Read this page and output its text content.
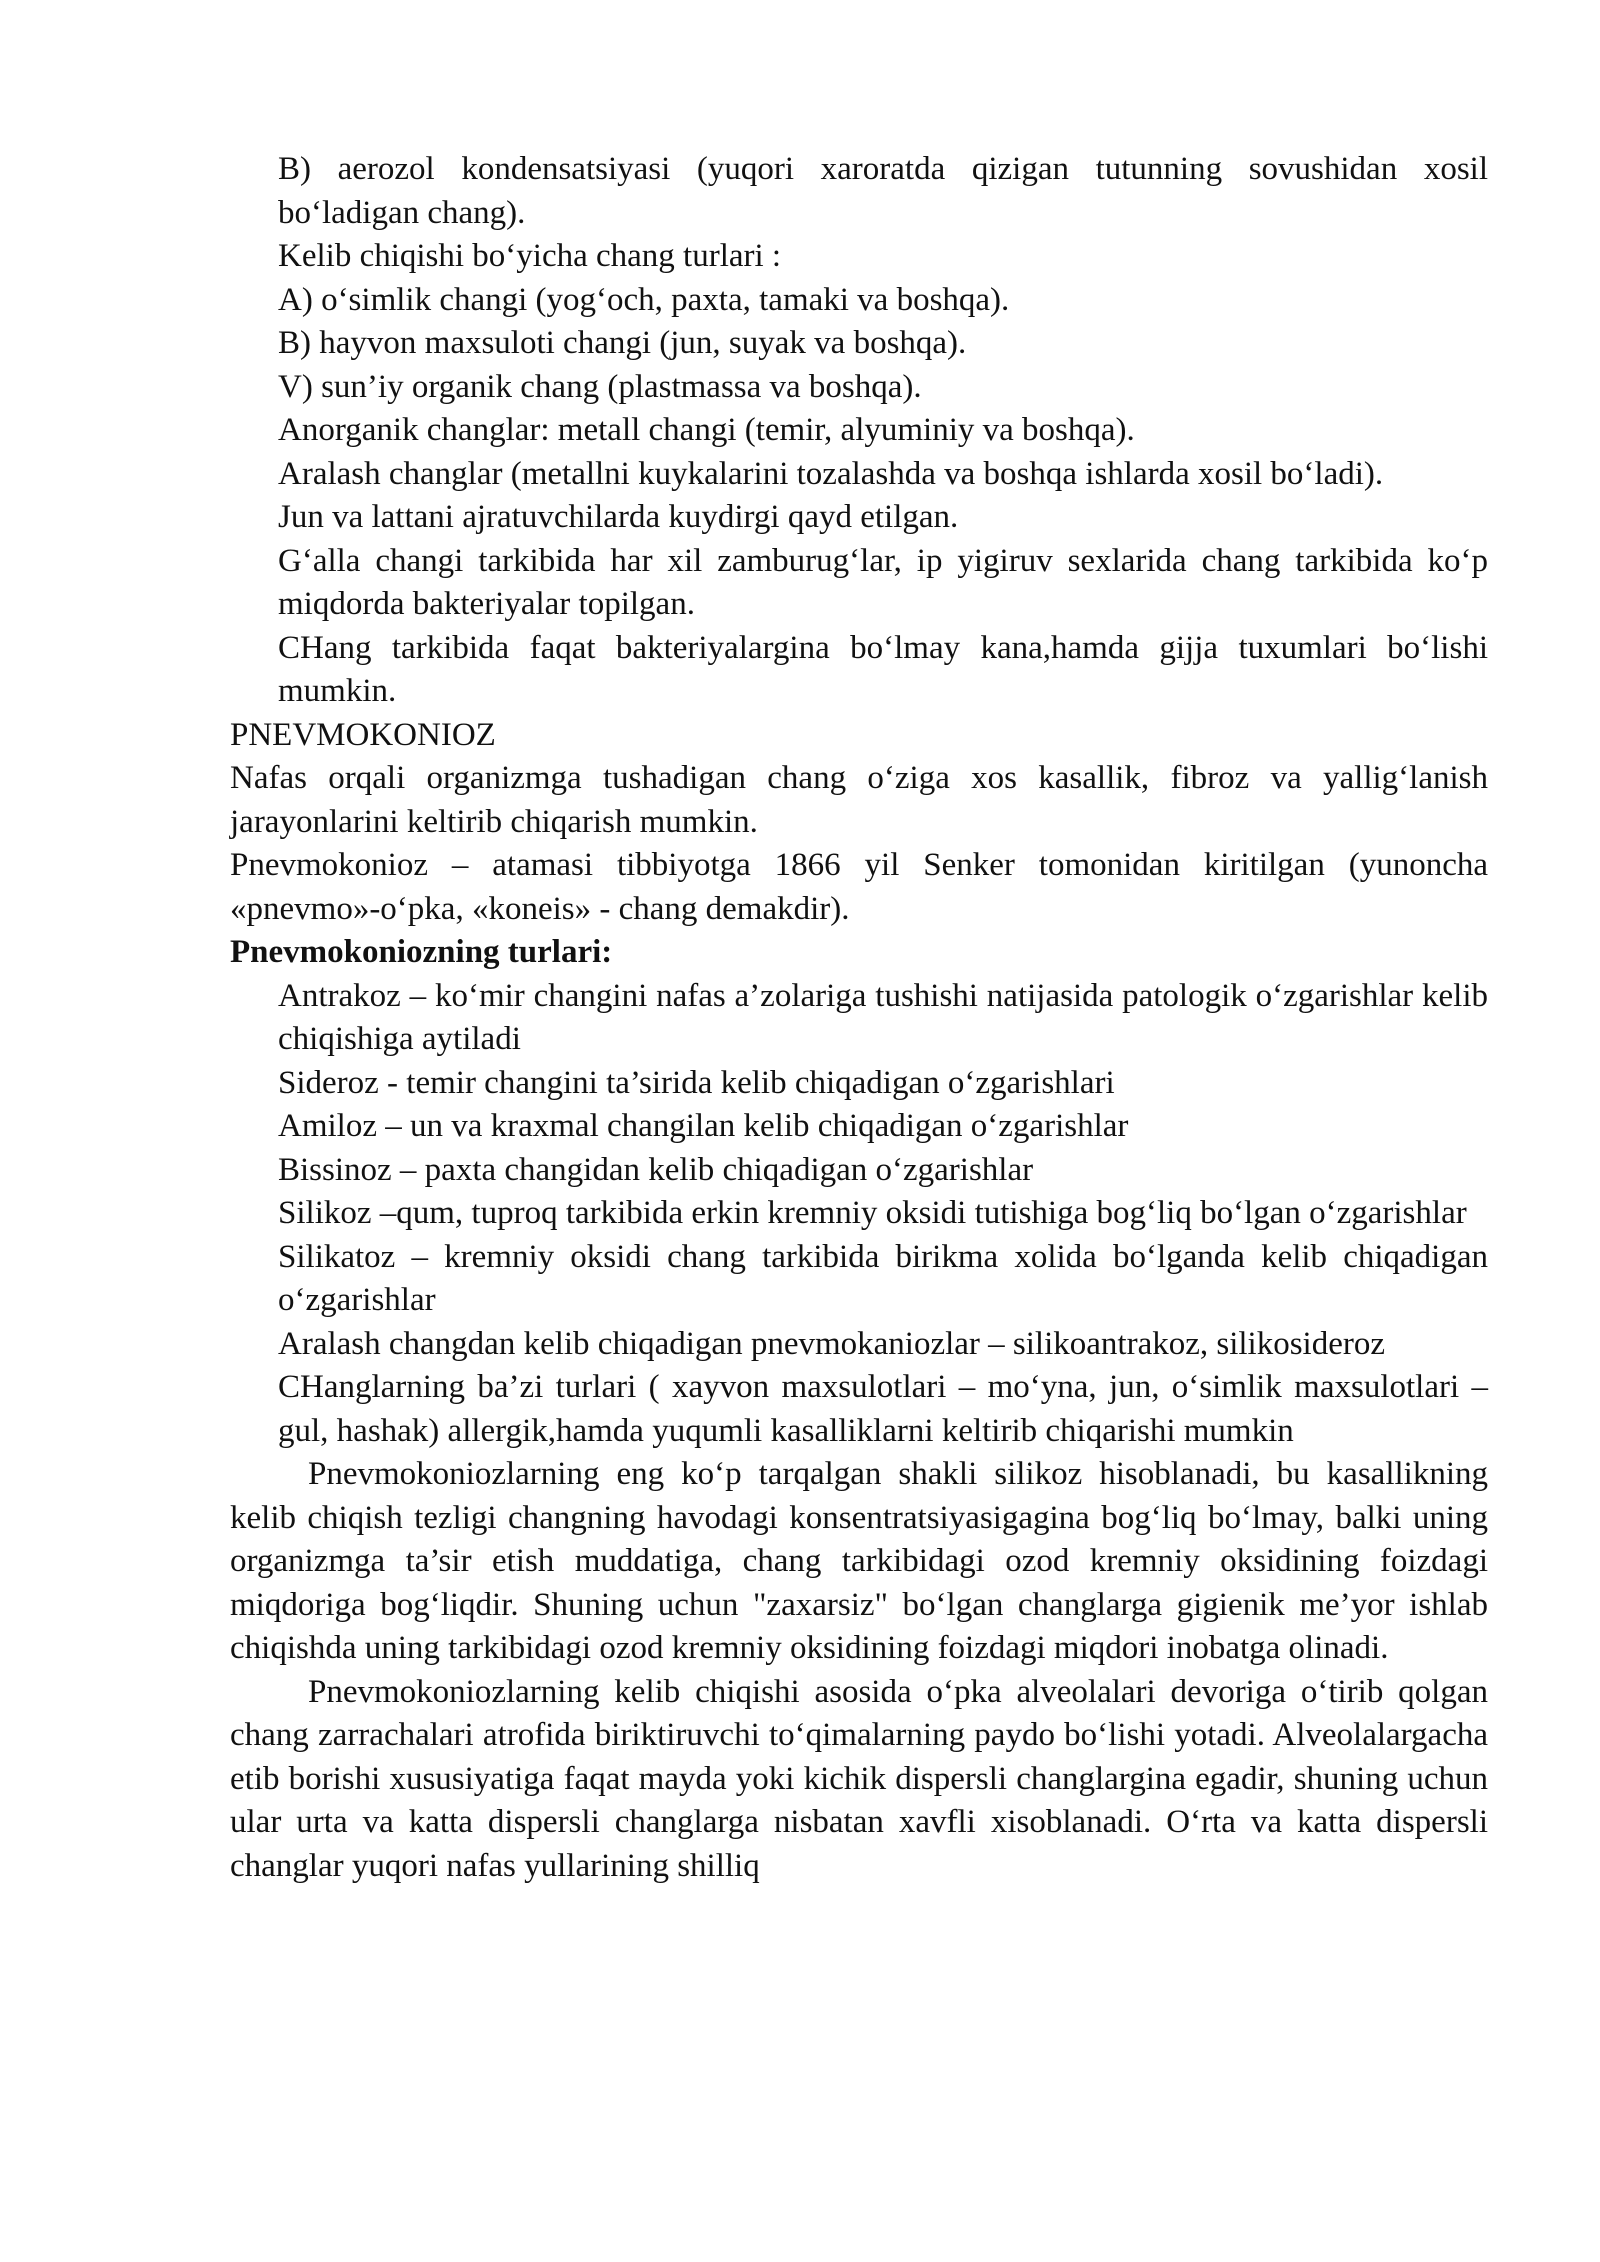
B) aerozol kondensatsiyasi (yuqori xaroratda qizigan tutunning sovushidan xosil bo‘ladigan chang).

Kelib chiqishi bo‘yicha chang turlari :

A) o‘simlik changi (yog‘och, paxta, tamaki va boshqa).

B) hayvon maxsuloti changi (jun, suyak va boshqa).

V) sun’iy organik chang (plastmassa va boshqa).

Anorganik changlar: metall changi (temir, alyuminiy va boshqa).

Aralash changlar (metallni kuykalarini tozalashda va boshqa ishlarda xosil bo‘ladi).

Jun va lattani ajratuvchilarda kuydirgi qayd etilgan.

G‘alla changi tarkibida har xil zamburug‘lar, ip yigiruv sexlarida chang tarkibida ko‘p miqdorda bakteriyalar topilgan.

CHang tarkibida faqat bakteriyalargina bo‘lmay kana,hamda gijja tuxumlari bo‘lishi mumkin.

PNEVMOKONIOZ

Nafas orqali organizmga tushadigan chang o‘ziga xos kasallik, fibroz va yallig‘lanish jarayonlarini keltirib chiqarish mumkin.

Pnevmokonioz – atamasi tibbiyotga 1866 yil Senker tomonidan kiritilgan (yunoncha «pnevmo»-o‘pka, «koneis» - chang demakdir).

Pnevmokoniozning turlari:

Antrakoz – ko‘mir changini nafas a’zolariga tushishi natijasida patologik o‘zgarishlar kelib chiqishiga aytiladi

Sideroz - temir changini ta’sirida kelib chiqadigan o‘zgarishlari

Amiloz – un va kraxmal changilan kelib chiqadigan o‘zgarishlar

Bissinoz – paxta changidan kelib chiqadigan o‘zgarishlar

Silikoz –qum, tuproq tarkibida erkin kremniy oksidi tutishiga bog‘liq bo‘lgan o‘zgarishlar

Silikatoz – kremniy oksidi chang tarkibida birikma xolida bo‘lganda kelib chiqadigan o‘zgarishlar

Aralash changdan kelib chiqadigan pnevmokaniozlar – silikoantrakoz, silikosideroz

CHanglarning ba’zi turlari ( xayvon maxsulotlari – mo‘yna, jun, o‘simlik maxsulotlari – gul, hashak) allergik,hamda yuqumli kasalliklarni keltirib chiqarishi mumkin

Pnevmokoniozlarning eng ko‘p tarqalgan shakli silikoz hisoblanadi, bu kasallikning kelib chiqish tezligi changning havodagi konsentratsiyasigagina bog‘liq bo‘lmay, balki uning organizmga ta’sir etish muddatiga, chang tarkibidagi ozod kremniy oksidining foizdagi miqdoriga bog‘liqdir. Shuning uchun "zaxarsiz" bo‘lgan changlarga gigienik me’yor ishlab chiqishda uning tarkibidagi ozod kremniy oksidining foizdagi miqdori inobatga olinadi.

Pnevmokoniozlarning kelib chiqishi asosida o‘pka alveolalari devoriga o‘tirib qolgan chang zarrachalari atrofida biriktiruvchi to‘qimalarning paydo bo‘lishi yotadi. Alveolalargacha etib borishi xususiyatiga faqat mayda yoki kichik dispersli changlargina egadir, shuning uchun ular urta va katta dispersli changlarga nisbatan xavfli xisoblanadi. O‘rta va katta dispersli changlar yuqori nafas yullarining shilliq
